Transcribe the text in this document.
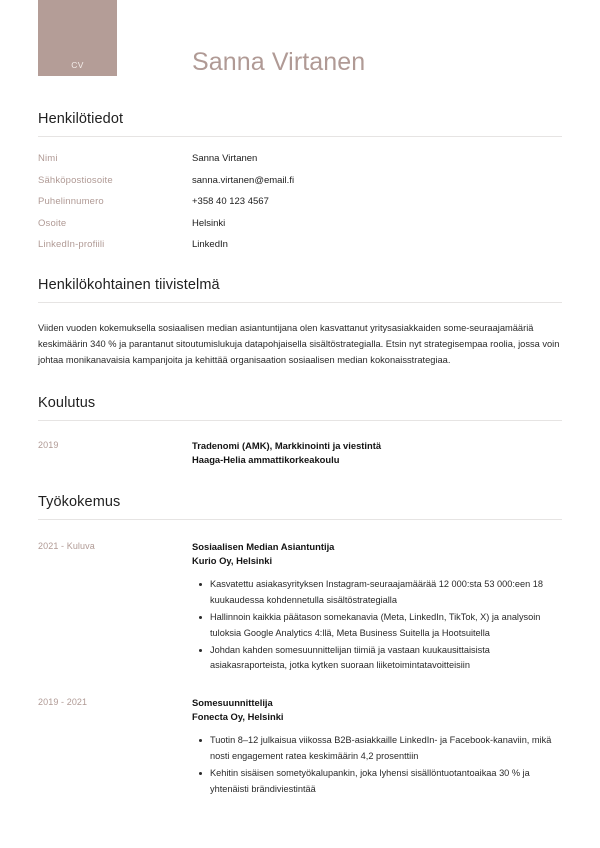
CV	Sanna Virtanen
Henkilötiedot
Nimi	Sanna Virtanen
Sähköpostiosoite	sanna.virtanen@email.fi
Puhelinnumero	+358 40 123 4567
Osoite	Helsinki
LinkedIn-profiili	LinkedIn
Henkilökohtainen tiivistelmä

Viiden vuoden kokemuksella sosiaalisen median asiantuntijana olen kasvattanut yritysasiakkaiden some-seuraajamääriä keskimäärin 340 % ja parantanut sitoutumislukuja datapohjaisella sisältöstrategialla. Etsin nyt strategisempaa roolia, jossa voin johtaa monikanavaisia kampanjoita ja kehittää organisaation sosiaalisen median kokonaisstrategiaa.

Koulutus
2019	Tradenomi (AMK), Markkinointi ja viestintä
Haaga-Helia ammattikorkeakoulu
Työkokemus
2021 - Kuluva	Sosiaalisen Median Asiantuntija
Kurio Oy, Helsinki
Kasvatettu asiakasyrityksen Instagram-seuraajamäärää 12 000:sta 53 000:een 18 kuukaudessa kohdennetulla sisältöstrategialla
Hallinnoin kaikkia päätason somekanavia (Meta, LinkedIn, TikTok, X) ja analysoin tuloksia Google Analytics 4:llä, Meta Business Suitella ja Hootsuitella
Johdan kahden somesuunnittelijan tiimiä ja vastaan kuukausittaisista asiakasraporteista, jotka kytken suoraan liiketoimintatavoitteisiin
2019 - 2021	Somesuunnittelija
Fonecta Oy, Helsinki
Tuotin 8–12 julkaisua viikossa B2B-asiakkaille LinkedIn- ja Facebook-kanaviin, mikä nosti engagement ratea keskimäärin 4,2 prosenttiin
Kehitin sisäisen sometyökalupankin, joka lyhensi sisällöntuotantoaikaa 30 % ja yhtenäisti brändiviestintää
